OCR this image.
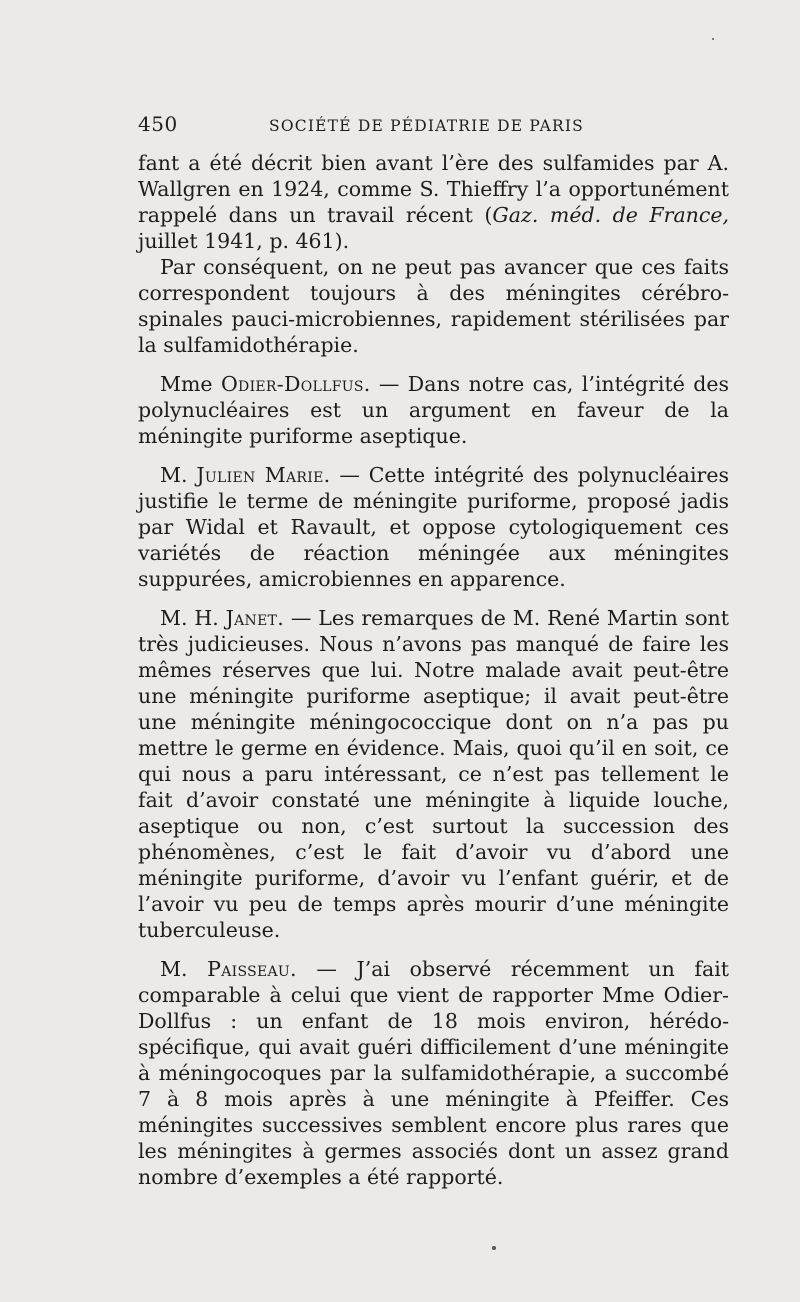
450	SOCIÉTÉ DE PÉDIATRIE DE PARIS

fant a été décrit bien avant l’ère des sulfamides par A. Wallgren en 1924, comme S. Thieffry l’a opportunément rappelé dans un travail récent (Gaz. méd. de France, juillet 1941, p. 461).

Par conséquent, on ne peut pas avancer que ces faits correspondent toujours à des méningites cérébro-spinales pauci-microbiennes, rapidement stérilisées par la sulfamidothérapie.

Mme Odier-Dollfus. — Dans notre cas, l’intégrité des polynucléaires est un argument en faveur de la méningite puriforme aseptique.

M. Julien Marie. — Cette intégrité des polynucléaires justifie le terme de méningite puriforme, proposé jadis par Widal et Ravault, et oppose cytologiquement ces variétés de réaction méningée aux méningites suppurées, amicrobiennes en apparence.

M. H. Janet. — Les remarques de M. René Martin sont très judicieuses. Nous n’avons pas manqué de faire les mêmes réserves que lui. Notre malade avait peut-être une méningite puriforme aseptique; il avait peut-être une méningite méningococcique dont on n’a pas pu mettre le germe en évidence. Mais, quoi qu’il en soit, ce qui nous a paru intéressant, ce n’est pas tellement le fait d’avoir constaté une méningite à liquide louche, aseptique ou non, c’est surtout la succession des phénomènes, c’est le fait d’avoir vu d’abord une méningite puriforme, d’avoir vu l’enfant guérir, et de l’avoir vu peu de temps après mourir d’une méningite tuberculeuse.

M. Paisseau. — J’ai observé récemment un fait comparable à celui que vient de rapporter Mme Odier-Dollfus : un enfant de 18 mois environ, hérédo-spécifique, qui avait guéri difficilement d’une méningite à méningocoques par la sulfamidothérapie, a succombé 7 à 8 mois après à une méningite à Pfeiffer. Ces méningites successives semblent encore plus rares que les méningites à germes associés dont un assez grand nombre d’exemples a été rapporté.
